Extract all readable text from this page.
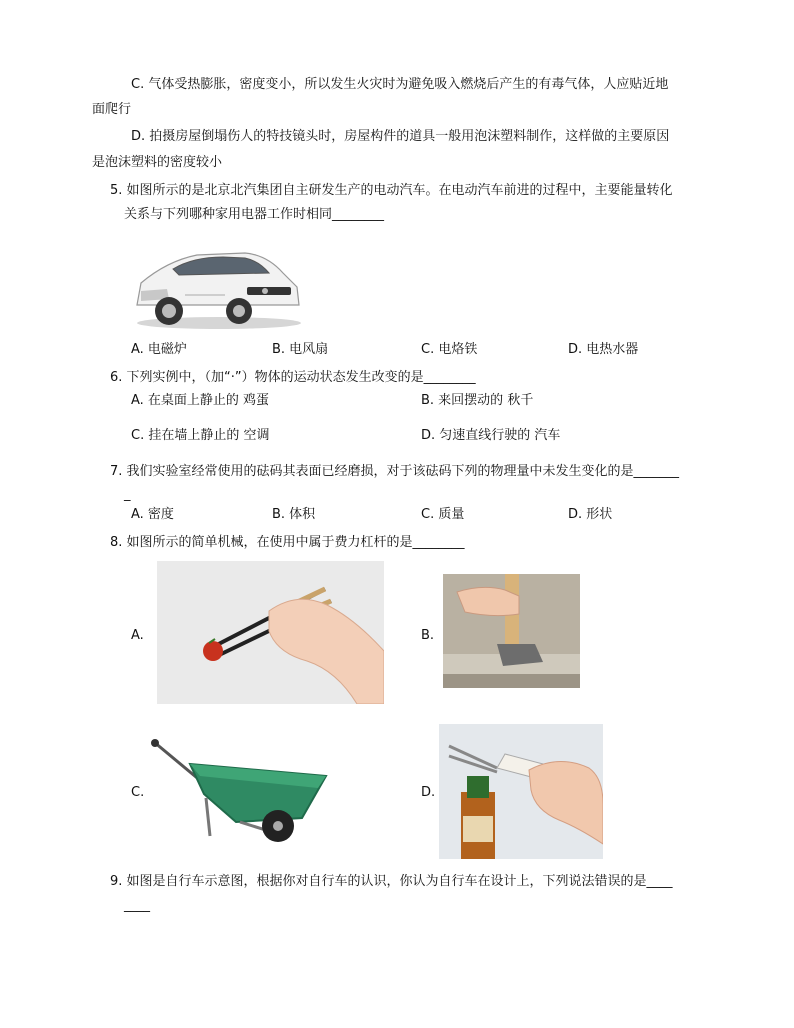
C. 气体受热膨胀，密度变小，所以发生火灾时为避免吸入燃烧后产生的有毒气体，人应贴近地
面爬行
D. 拍摄房屋倒塌伤人的特技镜头时，房屋构件的道具一般用泡沫塑料制作，这样做的主要原因
是泡沫塑料的密度较小
5. 如图所示的是北京北汽集团自主研发生产的电动汽车。在电动汽车前进的过程中，主要能量转化
关系与下列哪种家用电器工作时相同________
A. 电磁炉	B. 电风扇	C. 电烙铁	D. 电热水器
6. 下列实例中，（加“·”）物体的运动状态发生改变的是________
A. 在桌面上静止的 鸡蛋	B. 来回摆动的 秋千
C. 挂在墙上静止的 空调	D. 匀速直线行驶的 汽车
7. 我们实验室经常使用的砝码其表面已经磨损，对于该砝码下列的物理量中未发生变化的是_______
_
A. 密度	B. 体积	C. 质量	D. 形状
8. 如图所示的简单机械，在使用中属于费力杠杆的是________
A.	B.
C.	D.
9. 如图是自行车示意图，根据你对自行车的认识，你认为自行车在设计上，下列说法错误的是____
____
